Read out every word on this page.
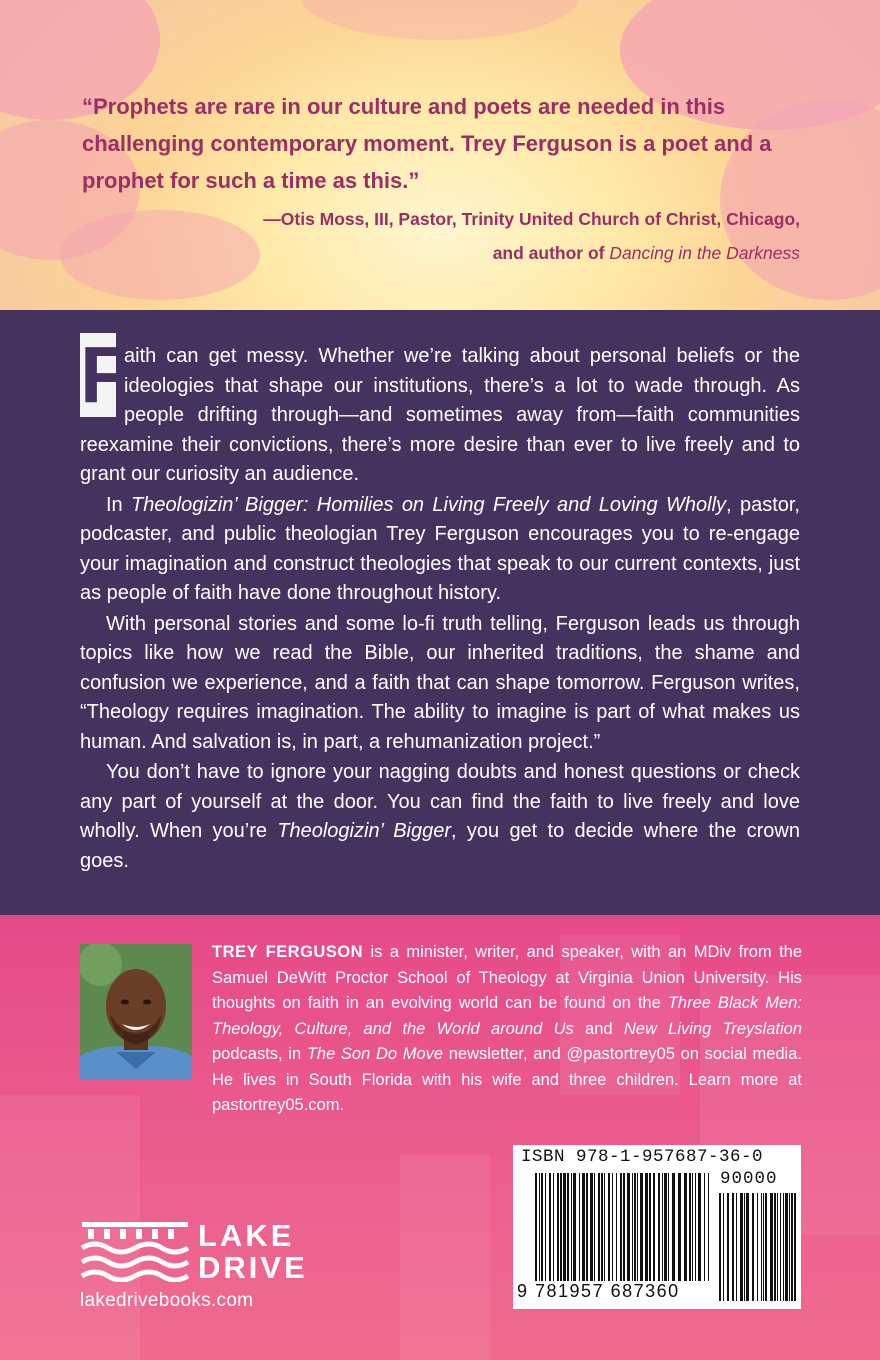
“Prophets are rare in our culture and poets are needed in this challenging contemporary moment. Trey Ferguson is a poet and a prophet for such a time as this.”

—Otis Moss, III, Pastor, Trinity United Church of Christ, Chicago,
and author of Dancing in the Darkness
F

aith can get messy. Whether we’re talking about personal beliefs or the ideologies that shape our institutions, there’s a lot to wade through. As people drifting through—and sometimes away from—faith communities reexamine their convictions, there’s more desire than ever to live freely and to grant our curiosity an audience.

In Theologizin’ Bigger: Homilies on Living Freely and Loving Wholly, pastor, podcaster, and public theologian Trey Ferguson encourages you to re-engage your imagination and construct theologies that speak to our current contexts, just as people of faith have done throughout history.

With personal stories and some lo-fi truth telling, Ferguson leads us through topics like how we read the Bible, our inherited traditions, the shame and confusion we experience, and a faith that can shape tomorrow. Ferguson writes, “Theology requires imagination. The ability to imagine is part of what makes us human. And salvation is, in part, a rehumanization project.”

You don’t have to ignore your nagging doubts and honest questions or check any part of yourself at the door. You can find the faith to live freely and love wholly. When you’re Theologizin’ Bigger, you get to decide where the crown goes.

TREY FERGUSON is a minister, writer, and speaker, with an MDiv from the Samuel DeWitt Proctor School of Theology at Virginia Union University. His thoughts on faith in an evolving world can be found on the Three Black Men: Theology, Culture, and the World around Us and New Living Treyslation podcasts, in The Son Do Move newsletter, and @pastortrey05 on social media. He lives in South Florida with his wife and three children. Learn more at pastortrey05.com.
ISBN 978-1-957687-36-0
90000
9 781957 687360
LAKE
DRIVE
lakedrivebooks.com
